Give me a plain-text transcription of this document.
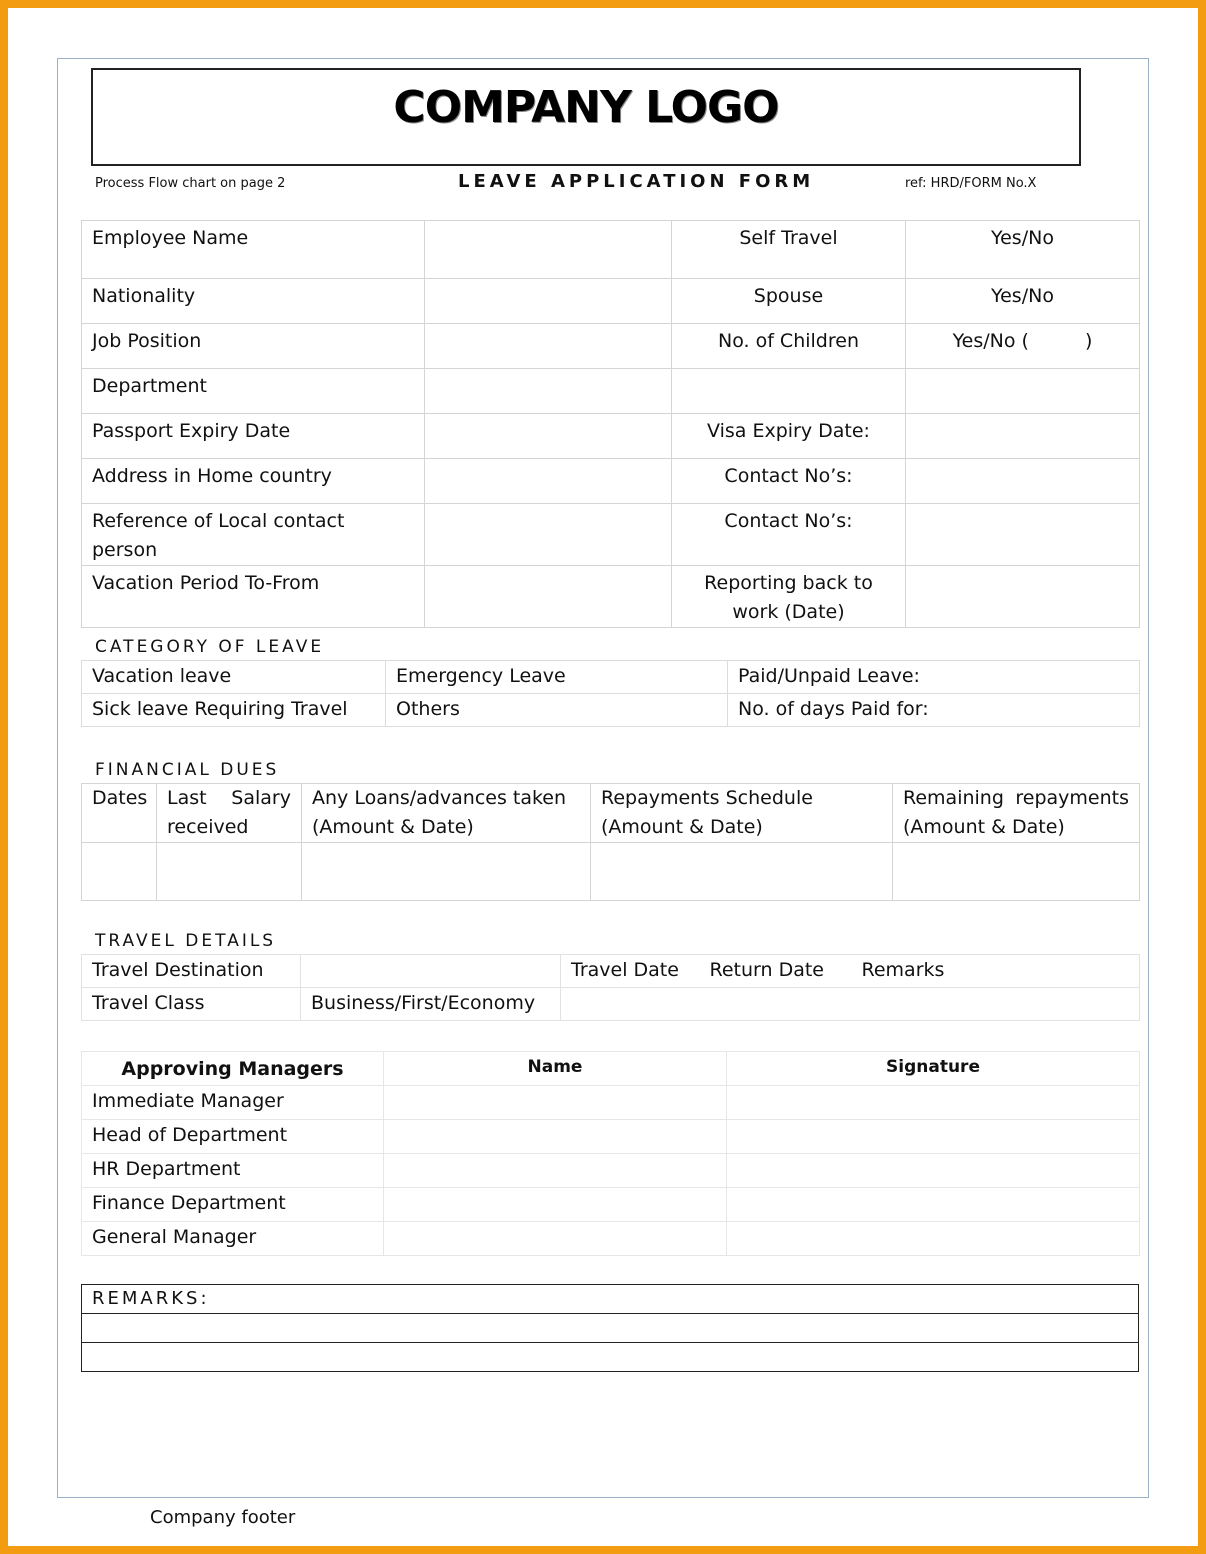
COMPANY LOGO
Process Flow chart on page 2	LEAVE APPLICATION FORM	ref: HRD/FORM No.X
Employee Name		Self Travel	Yes/No
Nationality		Spouse	Yes/No
Job Position		No. of Children	Yes/No ( )
Department			
Passport Expiry Date		Visa Expiry Date:	
Address in Home country		Contact No’s:	
Reference of Local contact person		Contact No’s:	
Vacation Period To-From		Reporting back to work (Date)	
CATEGORY OF LEAVE
Vacation leave	Emergency Leave	Paid/Unpaid Leave:
Sick leave Requiring Travel	Others	No. of days Paid for:
FINANCIAL DUES
Dates	Last Salary received	Any Loans/advances taken (Amount & Date)	Repayments Schedule (Amount & Date)	Remaining repayments (Amount & Date)

TRAVEL DETAILS
Travel Destination		Travel Date	Return Date	Remarks
Travel Class	Business/First/Economy			
Approving Managers	Name	Signature
Immediate Manager		
Head of Department		
HR Department		
Finance Department		
General Manager		
REMARKS:

Company footer
